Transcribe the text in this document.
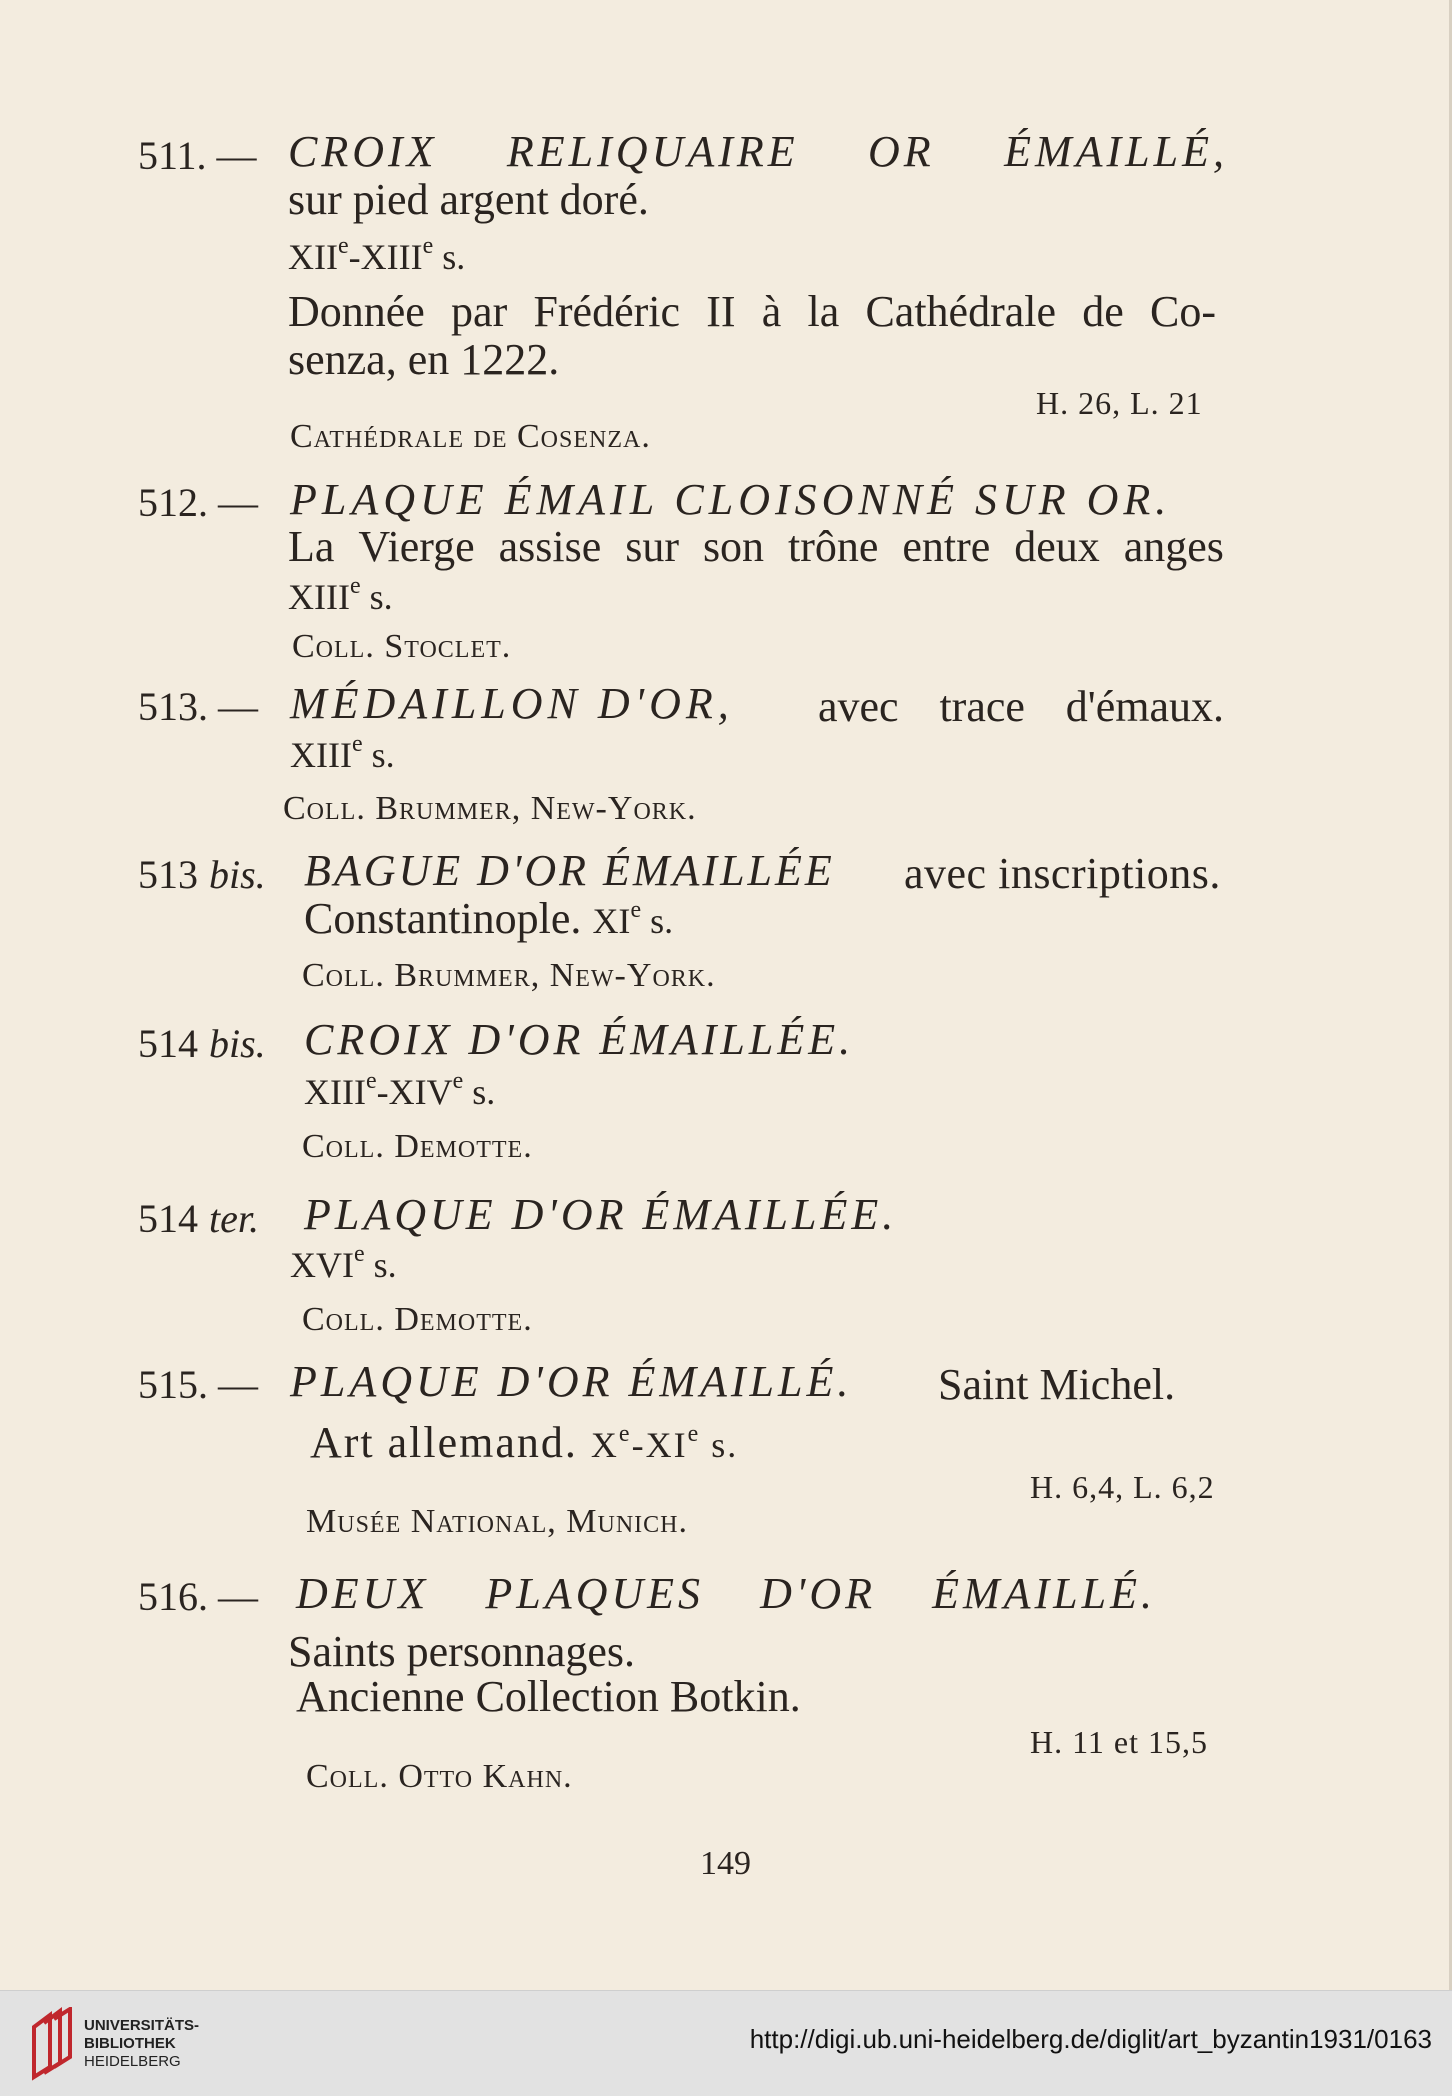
511. — CROIX RELIQUAIRE OR ÉMAILLÉ,
sur pied argent doré.
XIIe-XIIIe s.
Donnée par Frédéric II à la Cathédrale de Co-
senza, en 1222.
H. 26, L. 21
Cathédrale de Cosenza.
512. — PLAQUE ÉMAIL CLOISONNÉ SUR OR.
La Vierge assise sur son trône entre deux anges
XIIIe s.
Coll. Stoclet.
513. — MÉDAILLON D'OR, avec trace d'émaux.
XIIIe s.
Coll. Brummer, New-York.
513 bis. BAGUE D'OR ÉMAILLÉE avec inscriptions.
Constantinople. XIe s.
Coll. Brummer, New-York.
514 bis. CROIX D'OR ÉMAILLÉE.
XIIIe-XIVe s.
Coll. Demotte.
514 ter. PLAQUE D'OR ÉMAILLÉE.
XVIe s.
Coll. Demotte.
515. — PLAQUE D'OR ÉMAILLÉ. Saint Michel.
Art allemand. Xe-XIe s.
H. 6,4, L. 6,2
Musée National, Munich.
516. — DEUX PLAQUES D'OR ÉMAILLÉ.
Saints personnages.
Ancienne Collection Botkin.
H. 11 et 15,5
Coll. Otto Kahn.
149
UNIVERSITÄTS-
BIBLIOTHEK
HEIDELBERG
http://digi.ub.uni-heidelberg.de/diglit/art_byzantin1931/0163
